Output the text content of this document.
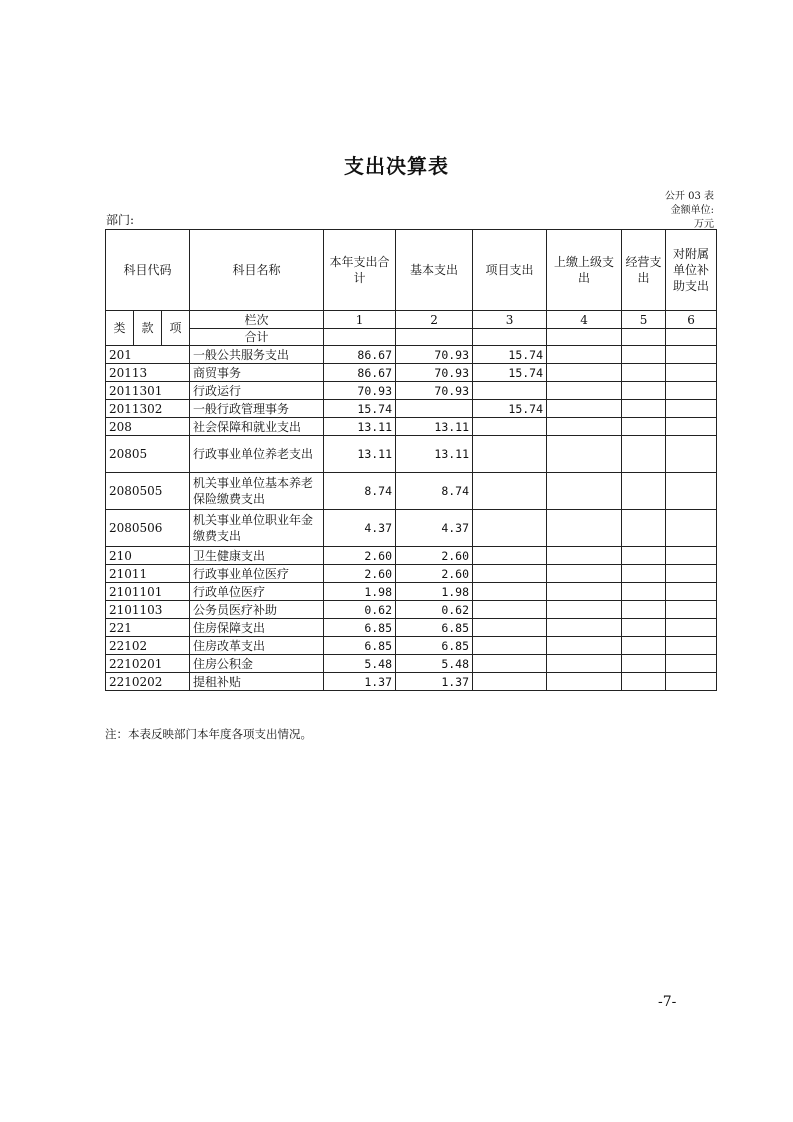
支出决算表
公开 03 表
金额单位:
万元
部门:
科目代码			科目名称	本年支出合计	基本支出	项目支出	上缴上级支出	经营支出	对附属单位补助支出
类	款	项	栏次	1	2	3	4	5	6
			合计						
201			一般公共服务支出	86.67	70.93	15.74			
20113			商贸事务	86.67	70.93	15.74			
2011301			行政运行	70.93	70.93				
2011302			一般行政管理事务	15.74		15.74			
208			社会保障和就业支出	13.11	13.11				
20805			行政事业单位养老支出	13.11	13.11				
2080505			机关事业单位基本养老保险缴费支出	8.74	8.74				
2080506			机关事业单位职业年金缴费支出	4.37	4.37				
210			卫生健康支出	2.60	2.60				
21011			行政事业单位医疗	2.60	2.60				
2101101			行政单位医疗	1.98	1.98				
2101103			公务员医疗补助	0.62	0.62				
221			住房保障支出	6.85	6.85				
22102			住房改革支出	6.85	6.85				
2210201			住房公积金	5.48	5.48				
2210202			提租补贴	1.37	1.37				
注：本表反映部门本年度各项支出情况。
-7-
